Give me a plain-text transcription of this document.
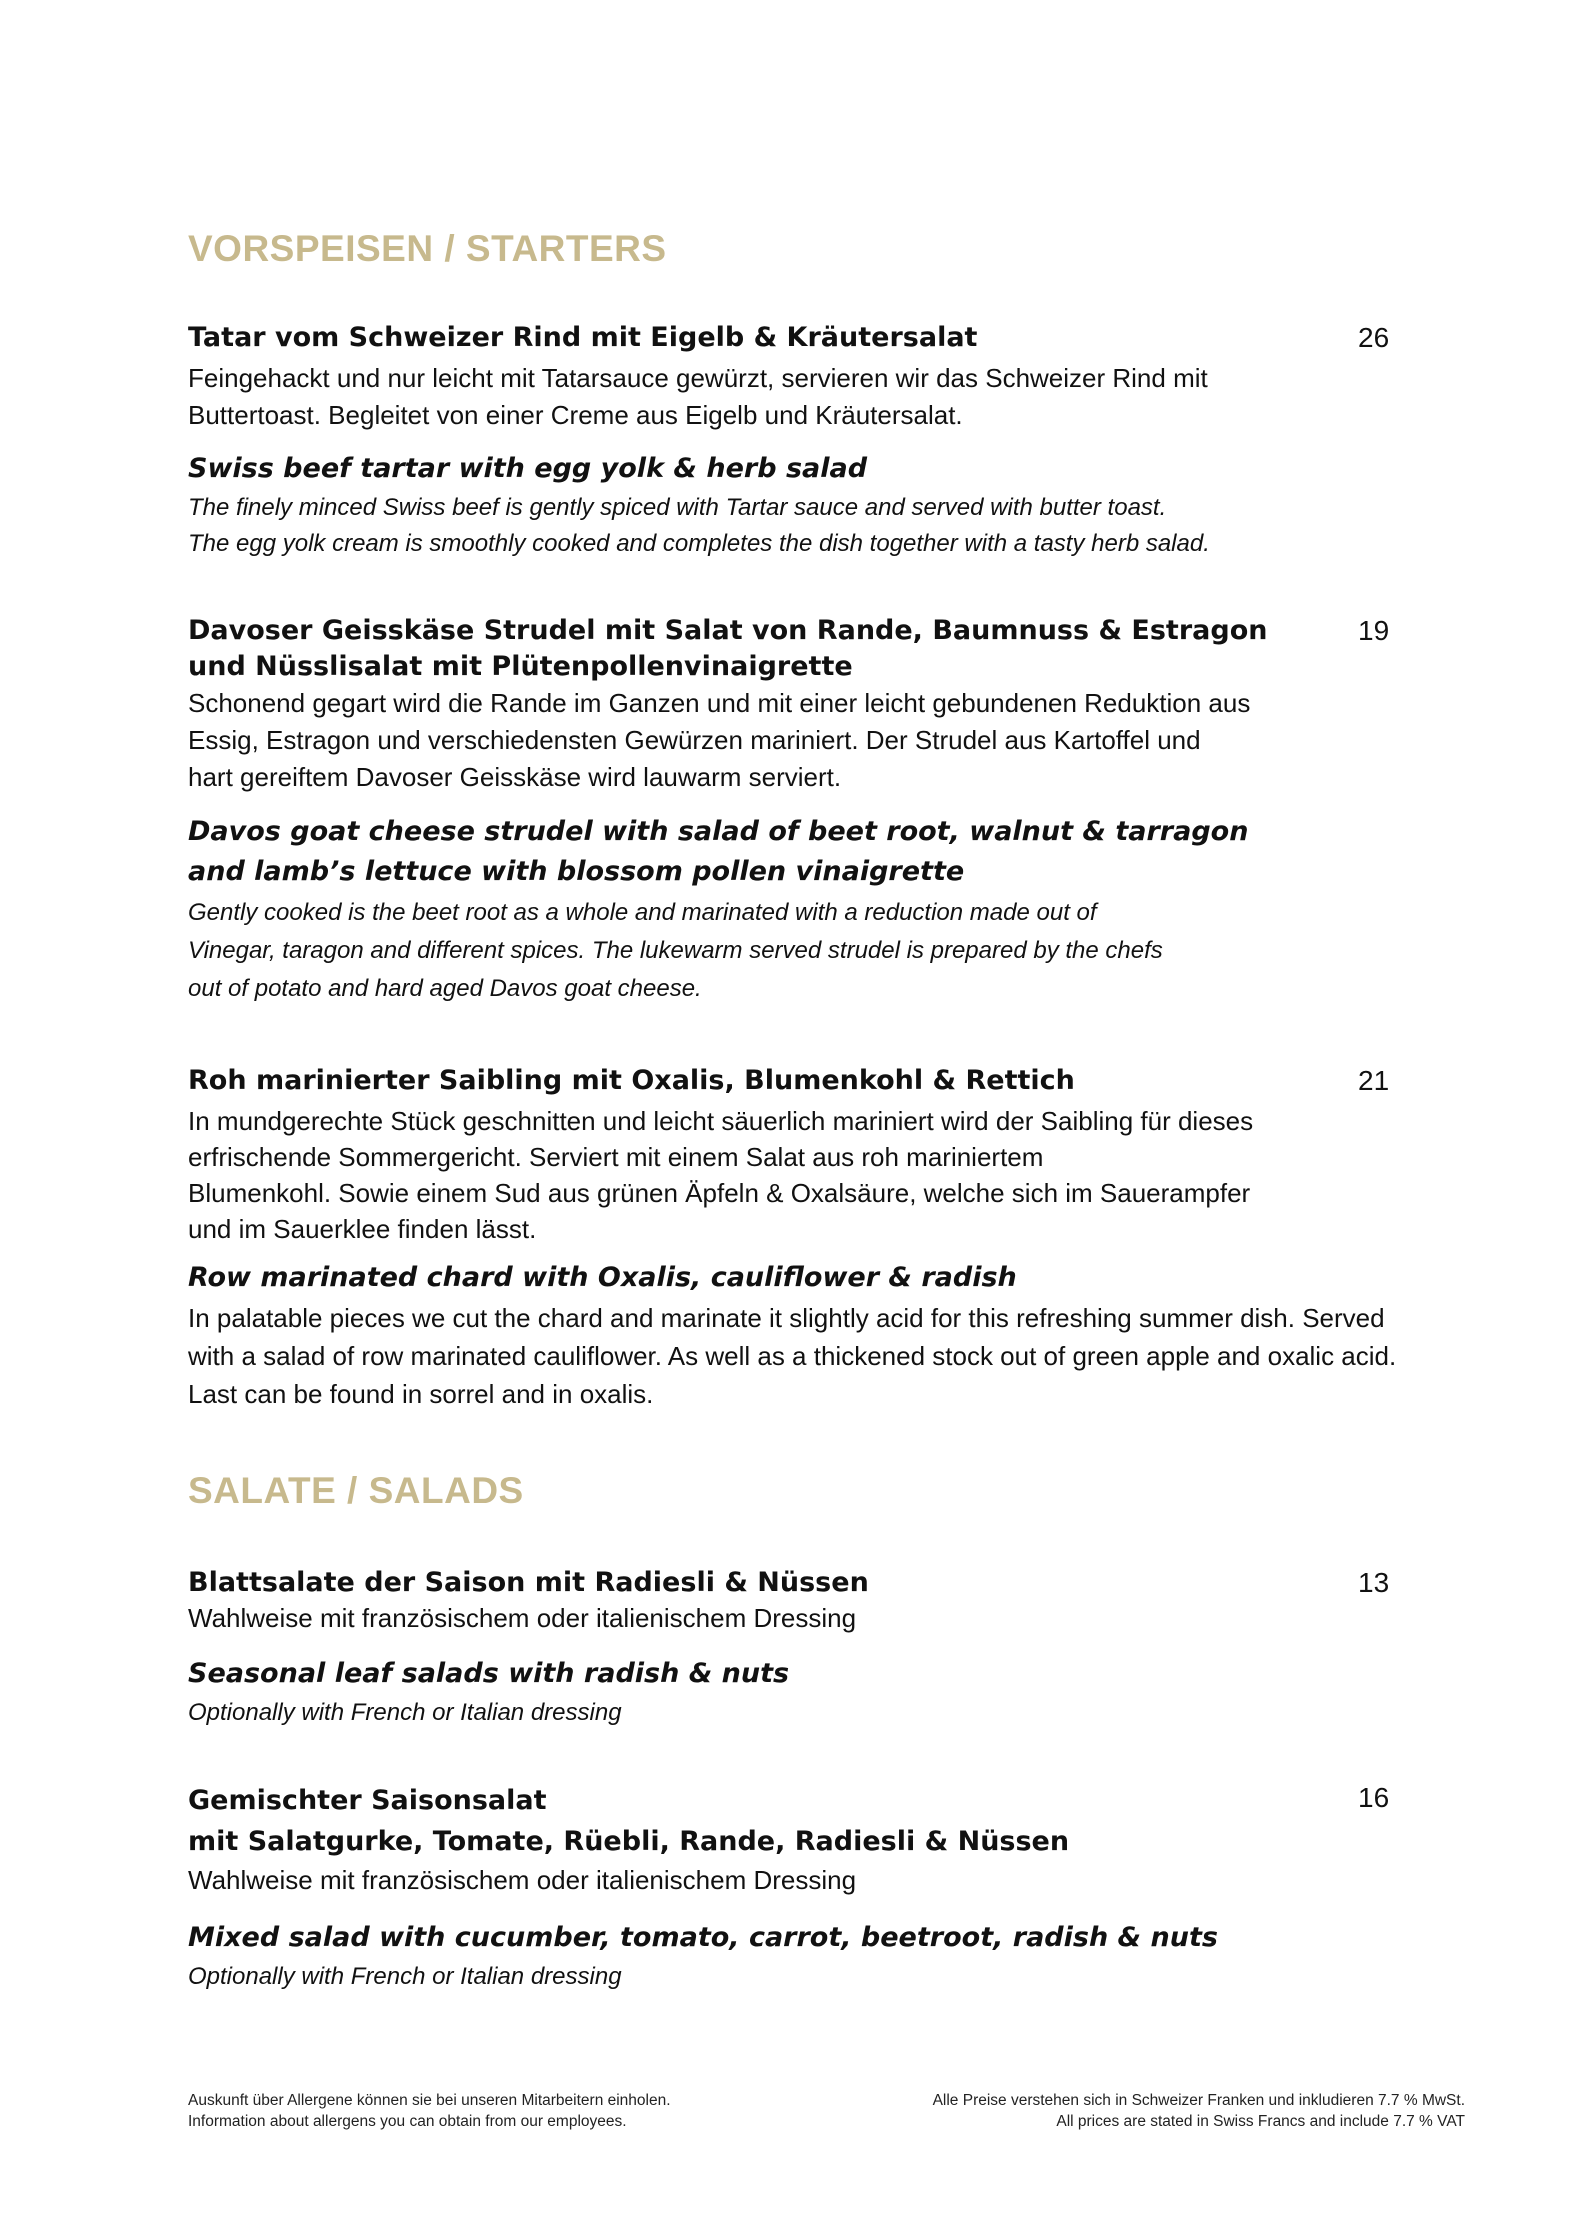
VORSPEISEN / STARTERS
26
Tatar vom Schweizer Rind mit Eigelb & Kräutersalat
Feingehackt und nur leicht mit Tatarsauce gewürzt, servieren wir das Schweizer Rind mit
Buttertoast. Begleitet von einer Creme aus Eigelb und Kräutersalat.
Swiss beef tartar with egg yolk & herb salad
The finely minced Swiss beef is gently spiced with Tartar sauce and served with butter toast.
The egg yolk cream is smoothly cooked and completes the dish together with a tasty herb salad.
19
Davoser Geisskäse Strudel mit Salat von Rande, Baumnuss & Estragon
und Nüsslisalat mit Plütenpollenvinaigrette
Schonend gegart wird die Rande im Ganzen und mit einer leicht gebundenen Reduktion aus
Essig, Estragon und verschiedensten Gewürzen mariniert. Der Strudel aus Kartoffel und
hart gereiftem Davoser Geisskäse wird lauwarm serviert.
Davos goat cheese strudel with salad of beet root, walnut & tarragon
and lamb’s lettuce with blossom pollen vinaigrette
Gently cooked is the beet root as a whole and marinated with a reduction made out of
Vinegar, taragon and different spices. The lukewarm served strudel is prepared by the chefs
out of potato and hard aged Davos goat cheese.
21
Roh marinierter Saibling mit Oxalis, Blumenkohl & Rettich
In mundgerechte Stück geschnitten und leicht säuerlich mariniert wird der Saibling für dieses
erfrischende Sommergericht. Serviert mit einem Salat aus roh mariniertem
Blumenkohl. Sowie einem Sud aus grünen Äpfeln & Oxalsäure, welche sich im Sauerampfer
und im Sauerklee finden lässt.
Row marinated chard with Oxalis, cauliflower & radish
In palatable pieces we cut the chard and marinate it slightly acid for this refreshing summer dish. Served
with a salad of row marinated cauliflower. As well as a thickened stock out of green apple and oxalic acid.
Last can be found in sorrel and in oxalis.
SALATE / SALADS
13
Blattsalate der Saison mit Radiesli & Nüssen
Wahlweise mit französischem oder italienischem Dressing
Seasonal leaf salads with radish & nuts
Optionally with French or Italian dressing
16
Gemischter Saisonsalat
mit Salatgurke, Tomate, Rüebli, Rande, Radiesli & Nüssen
Wahlweise mit französischem oder italienischem Dressing
Mixed salad with cucumber, tomato, carrot, beetroot, radish & nuts
Optionally with French or Italian dressing
Auskunft über Allergene können sie bei unseren Mitarbeitern einholen.
Information about allergens you can obtain from our employees.
Alle Preise verstehen sich in Schweizer Franken und inkludieren 7.7 % MwSt.
All prices are stated in Swiss Francs and include 7.7 % VAT
